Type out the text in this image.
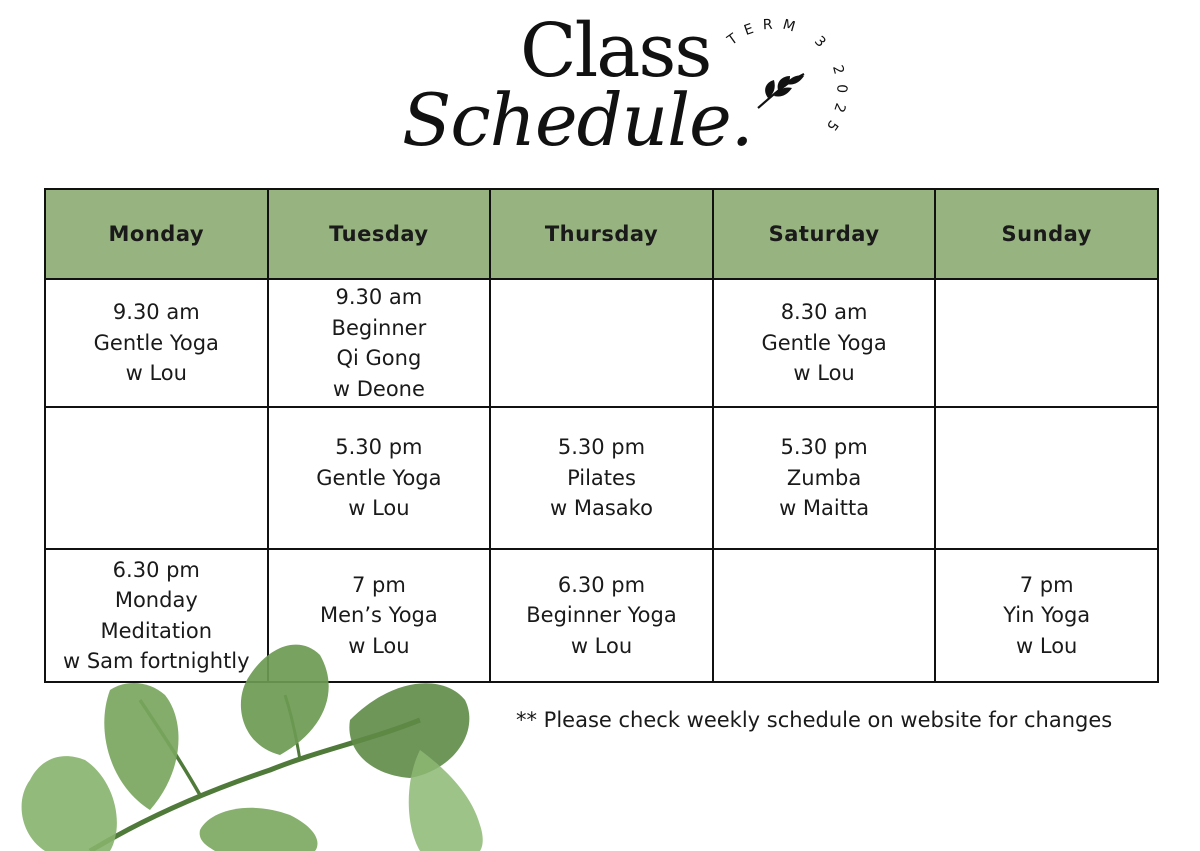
Class
Schedule.
TERM 3 2025
Monday	Tuesday	Thursday	Saturday	Sunday

9.30 am
Gentle Yoga
w Lou	9.30 am
Beginner
Qi Gong
w Deone		8.30 am
Gentle Yoga
w Lou	

	5.30 pm
Gentle Yoga
w Lou	5.30 pm
Pilates
w Masako	5.30 pm
Zumba
w Maitta	

6.30 pm
Monday
Meditation
w Sam fortnightly	7 pm
Men’s Yoga
w Lou	6.30 pm
Beginner Yoga
w Lou		7 pm
Yin Yoga
w Lou
** Please check weekly schedule on website for changes
